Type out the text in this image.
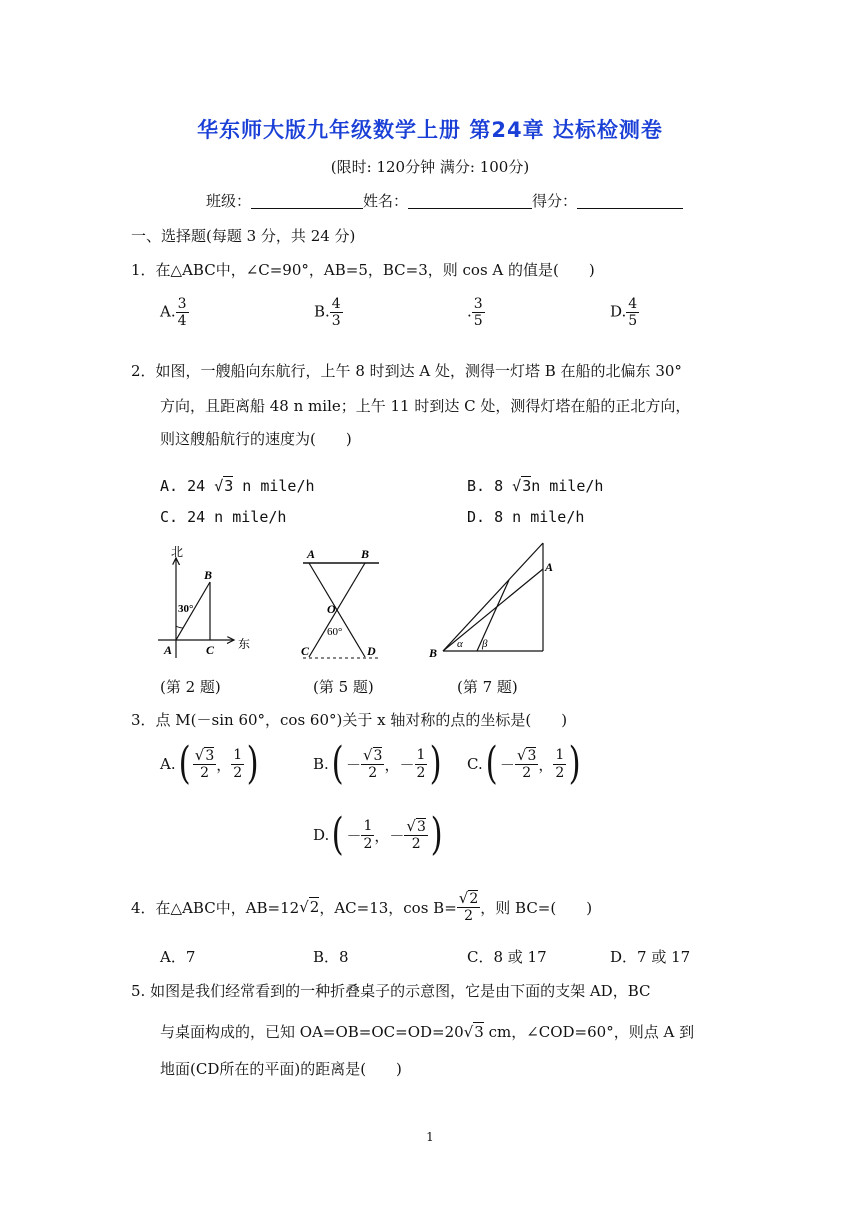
华东师大版九年级数学上册 第24章 达标检测卷
(限时: 120分钟 满分: 100分)
班级：	姓名：	得分：
一、选择题(每题 3 分，共 24 分)
1．在△ABC中，∠C=90°，AB=5，BC=3，则 cos A 的值是(　　)
A. $\frac{3}{4}$	B. $\frac{4}{3}$	. $\frac{3}{5}$	D. $\frac{4}{5}$
2．如图，一艘船向东航行，上午 8 时到达 A 处，测得一灯塔 B 在船的北偏东 30°
方向，且距离船 48 n mile；上午 11 时到达 C 处，测得灯塔在船的正北方向，
则这艘船航行的速度为(　　)
A. 24 √3 n mile/h	B. 8 √3n mile/h
C. 24 n mile/h	D. 8 n mile/h
北
东
B
A	C
30°
(第 2 题)
A	B
O
60°
C	D
(第 5 题)
A
B
α β
(第 7 题)
3．点 M(－sin 60°，cos 60°)关于 x 轴对称的点的坐标是(　　)
A. ( $\frac{√3}{2}$ ， $\frac{1}{2}$ )	B. ( － $\frac{√3}{2}$ ， － $\frac{1}{2}$ ) C. ( － $\frac{√3}{2}$ ， $\frac{1}{2}$ )
D. ( － $\frac{1}{2}$ ， － $\frac{√3}{2}$ )
4．在△ABC中，AB=12 √2 ，AC=13，$\cos B= \frac{√2}{2}$ ，则 BC=(　　)
A．7	B．8	C．8 或 17	D．7 或 17
5. 如图是我们经常看到的一种折叠桌子的示意图，它是由下面的支架 AD，BC
与桌面构成的，已知 OA=OB=OC=OD=20√3 cm，∠COD=60°，则点 A 到
地面(CD所在的平面)的距离是(　　)
1
